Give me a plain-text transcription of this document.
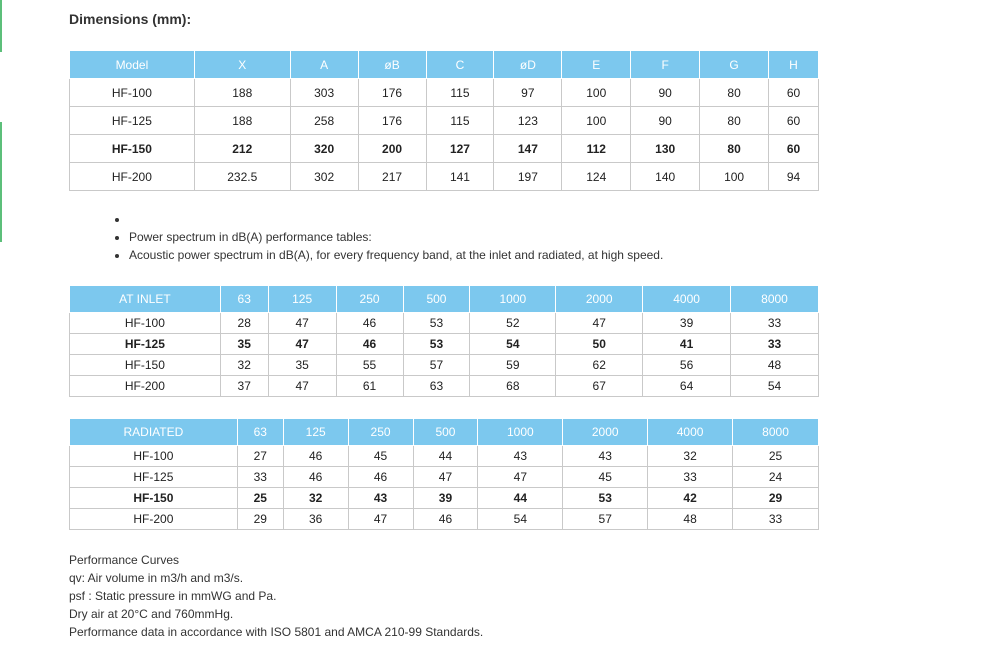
Dimensions (mm):
Model	X	A	øB	C	øD	E	F	G	H
HF-100	188	303	176	115	97	100	90	80	60
HF-125	188	258	176	115	123	100	90	80	60
HF-150	212	320	200	127	147	112	130	80	60
HF-200	232.5	302	217	141	197	124	140	100	94
•
• Power spectrum in dB(A) performance tables:
• Acoustic power spectrum in dB(A), for every frequency band, at the inlet and radiated, at high speed.
AT INLET	63	125	250	500	1000	2000	4000	8000
HF-100	28	47	46	53	52	47	39	33
HF-125	35	47	46	53	54	50	41	33
HF-150	32	35	55	57	59	62	56	48
HF-200	37	47	61	63	68	67	64	54
RADIATED	63	125	250	500	1000	2000	4000	8000
HF-100	27	46	45	44	43	43	32	25
HF-125	33	46	46	47	47	45	33	24
HF-150	25	32	43	39	44	53	42	29
HF-200	29	36	47	46	54	57	48	33
Performance Curves
qv: Air volume in m3/h and m3/s.
psf : Static pressure in mmWG and Pa.
Dry air at 20°C and 760mmHg.
Performance data in accordance with ISO 5801 and AMCA 210-99 Standards.
